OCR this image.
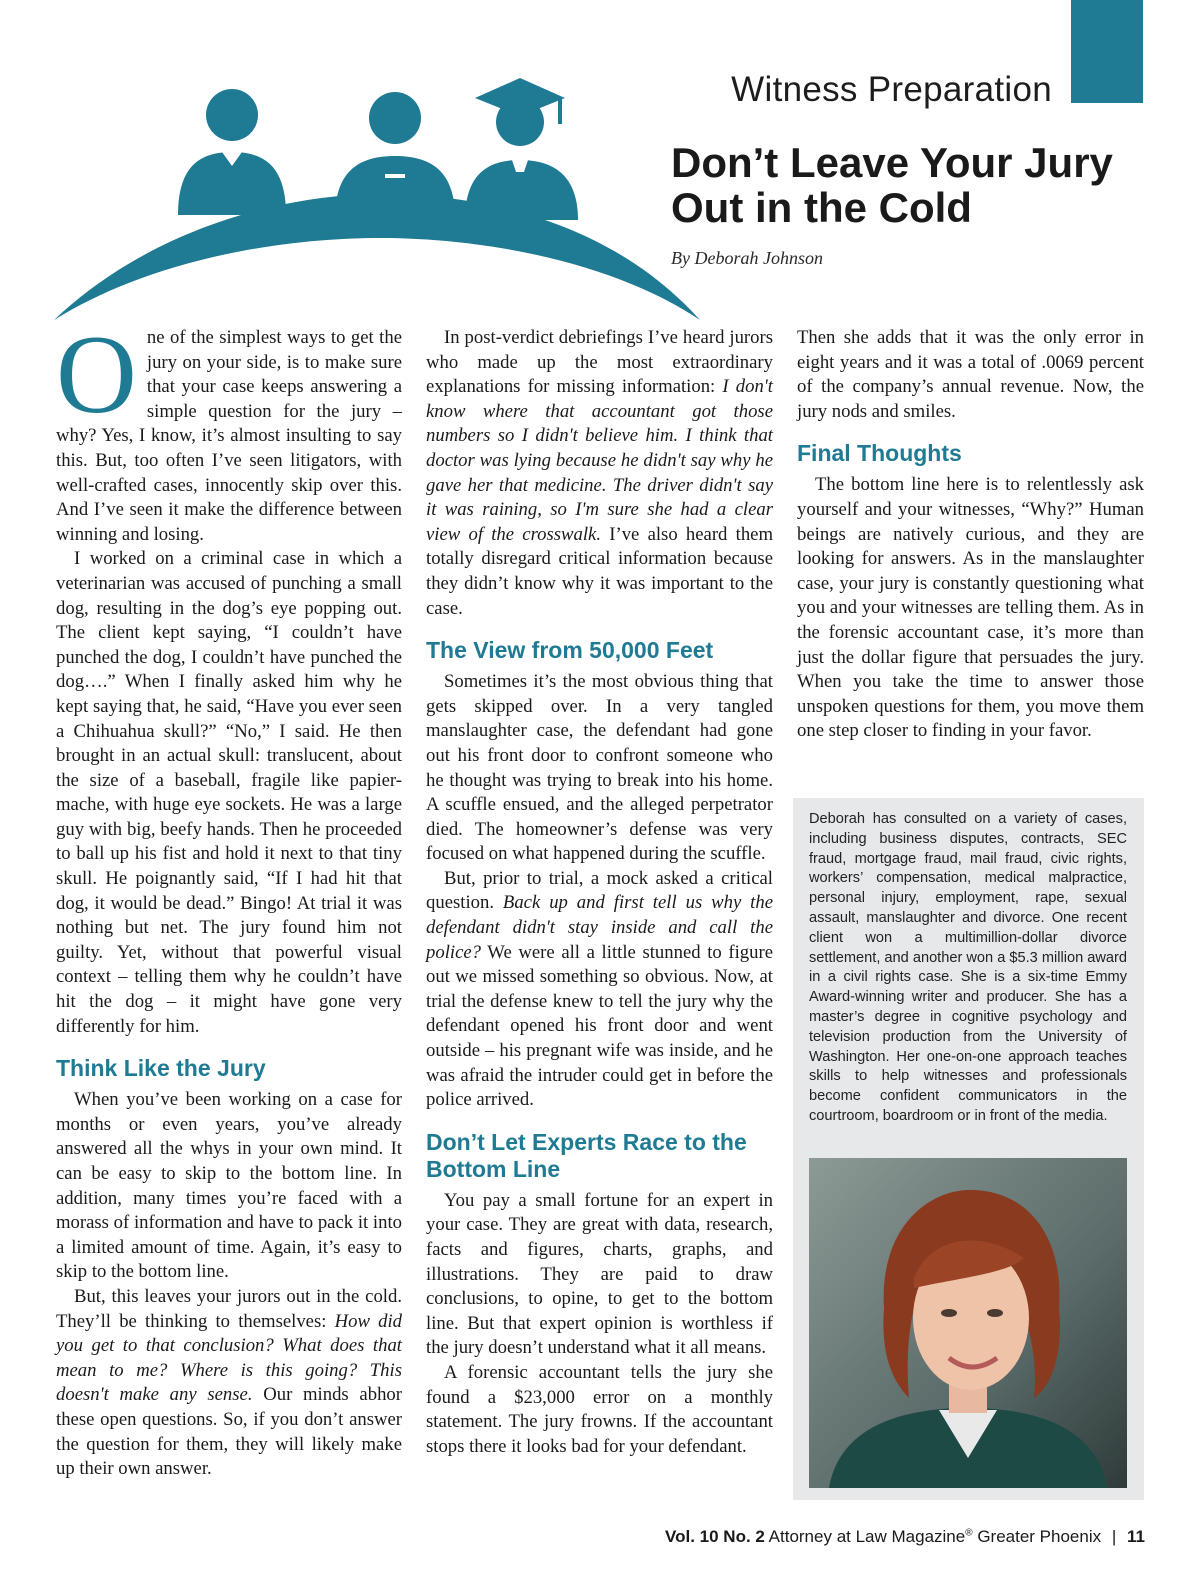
Witness Preparation
Don’t Leave Your Jury Out in the Cold
By Deborah Johnson

One of the simplest ways to get the jury on your side, is to make sure that your case keeps answering a simple question for the jury – why? Yes, I know, it’s almost insulting to say this. But, too often I’ve seen litigators, with well-crafted cases, innocently skip over this. And I’ve seen it make the difference between winning and losing.

I worked on a criminal case in which a veterinarian was accused of punching a small dog, resulting in the dog’s eye popping out. The client kept saying, “I couldn’t have punched the dog, I couldn’t have punched the dog….” When I finally asked him why he kept saying that, he said, “Have you ever seen a Chihuahua skull?” “No,” I said. He then brought in an actual skull: translucent, about the size of a baseball, fragile like papier-mache, with huge eye sockets. He was a large guy with big, beefy hands. Then he proceeded to ball up his fist and hold it next to that tiny skull. He poignantly said, “If I had hit that dog, it would be dead.” Bingo! At trial it was nothing but net. The jury found him not guilty. Yet, without that powerful visual context – telling them why he couldn’t have hit the dog – it might have gone very differently for him.

Think Like the Jury

When you’ve been working on a case for months or even years, you’ve already answered all the whys in your own mind. It can be easy to skip to the bottom line. In addition, many times you’re faced with a morass of information and have to pack it into a limited amount of time. Again, it’s easy to skip to the bottom line.

But, this leaves your jurors out in the cold. They’ll be thinking to themselves: How did you get to that conclusion? What does that mean to me? Where is this going? This doesn't make any sense. Our minds abhor these open questions. So, if you don’t answer the question for them, they will likely make up their own answer.

In post-verdict debriefings I’ve heard jurors who made up the most extraordinary explanations for missing information: I don't know where that accountant got those numbers so I didn't believe him. I think that doctor was lying because he didn't say why he gave her that medicine. The driver didn't say it was raining, so I'm sure she had a clear view of the crosswalk. I’ve also heard them totally disregard critical information because they didn’t know why it was important to the case.

The View from 50,000 Feet

Sometimes it’s the most obvious thing that gets skipped over. In a very tangled manslaughter case, the defendant had gone out his front door to confront someone who he thought was trying to break into his home. A scuffle ensued, and the alleged perpetrator died. The homeowner’s defense was very focused on what happened during the scuffle.

But, prior to trial, a mock asked a critical question. Back up and first tell us why the defendant didn't stay inside and call the police? We were all a little stunned to figure out we missed something so obvious. Now, at trial the defense knew to tell the jury why the defendant opened his front door and went outside – his pregnant wife was inside, and he was afraid the intruder could get in before the police arrived.

Don’t Let Experts Race to the Bottom Line

You pay a small fortune for an expert in your case. They are great with data, research, facts and figures, charts, graphs, and illustrations. They are paid to draw conclusions, to opine, to get to the bottom line. But that expert opinion is worthless if the jury doesn’t understand what it all means.

A forensic accountant tells the jury she found a $23,000 error on a monthly statement. The jury frowns. If the accountant stops there it looks bad for your defendant.

Then she adds that it was the only error in eight years and it was a total of .0069 percent of the company’s annual revenue. Now, the jury nods and smiles.

Final Thoughts

The bottom line here is to relentlessly ask yourself and your witnesses, “Why?” Human beings are natively curious, and they are looking for answers. As in the manslaughter case, your jury is constantly questioning what you and your witnesses are telling them. As in the forensic accountant case, it’s more than just the dollar figure that persuades the jury. When you take the time to answer those unspoken questions for them, you move them one step closer to finding in your favor.

Deborah has consulted on a variety of cases, including business disputes, contracts, SEC fraud, mortgage fraud, mail fraud, civic rights, workers’ compensation, medical malpractice, personal injury, employment, rape, sexual assault, manslaughter and divorce. One recent client won a multimillion-dollar divorce settlement, and another won a $5.3 million award in a civil rights case. She is a six-time Emmy Award-winning writer and producer. She has a master’s degree in cognitive psychology and television production from the University of Washington. Her one-on-one approach teaches skills to help witnesses and professionals become confident communicators in the courtroom, boardroom or in front of the media.

Vol. 10 No. 2 Attorney at Law Magazine® Greater Phoenix | 11
